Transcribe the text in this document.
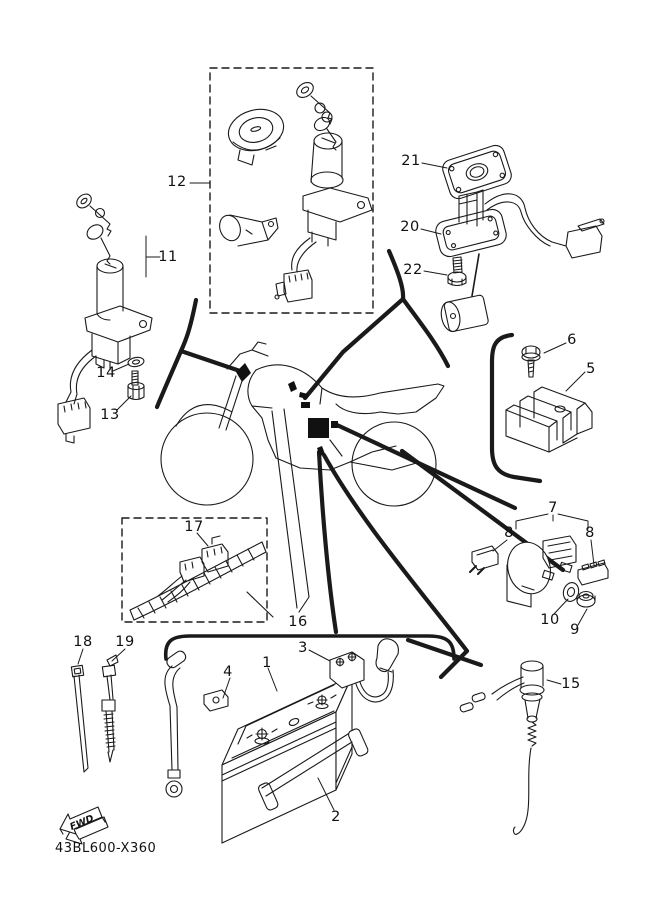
1
2
3
4
5
6
7
8	8
9
10
11
12
13
14
15
16
17
18 19
20
21
22
FWD
43BL600-X360
